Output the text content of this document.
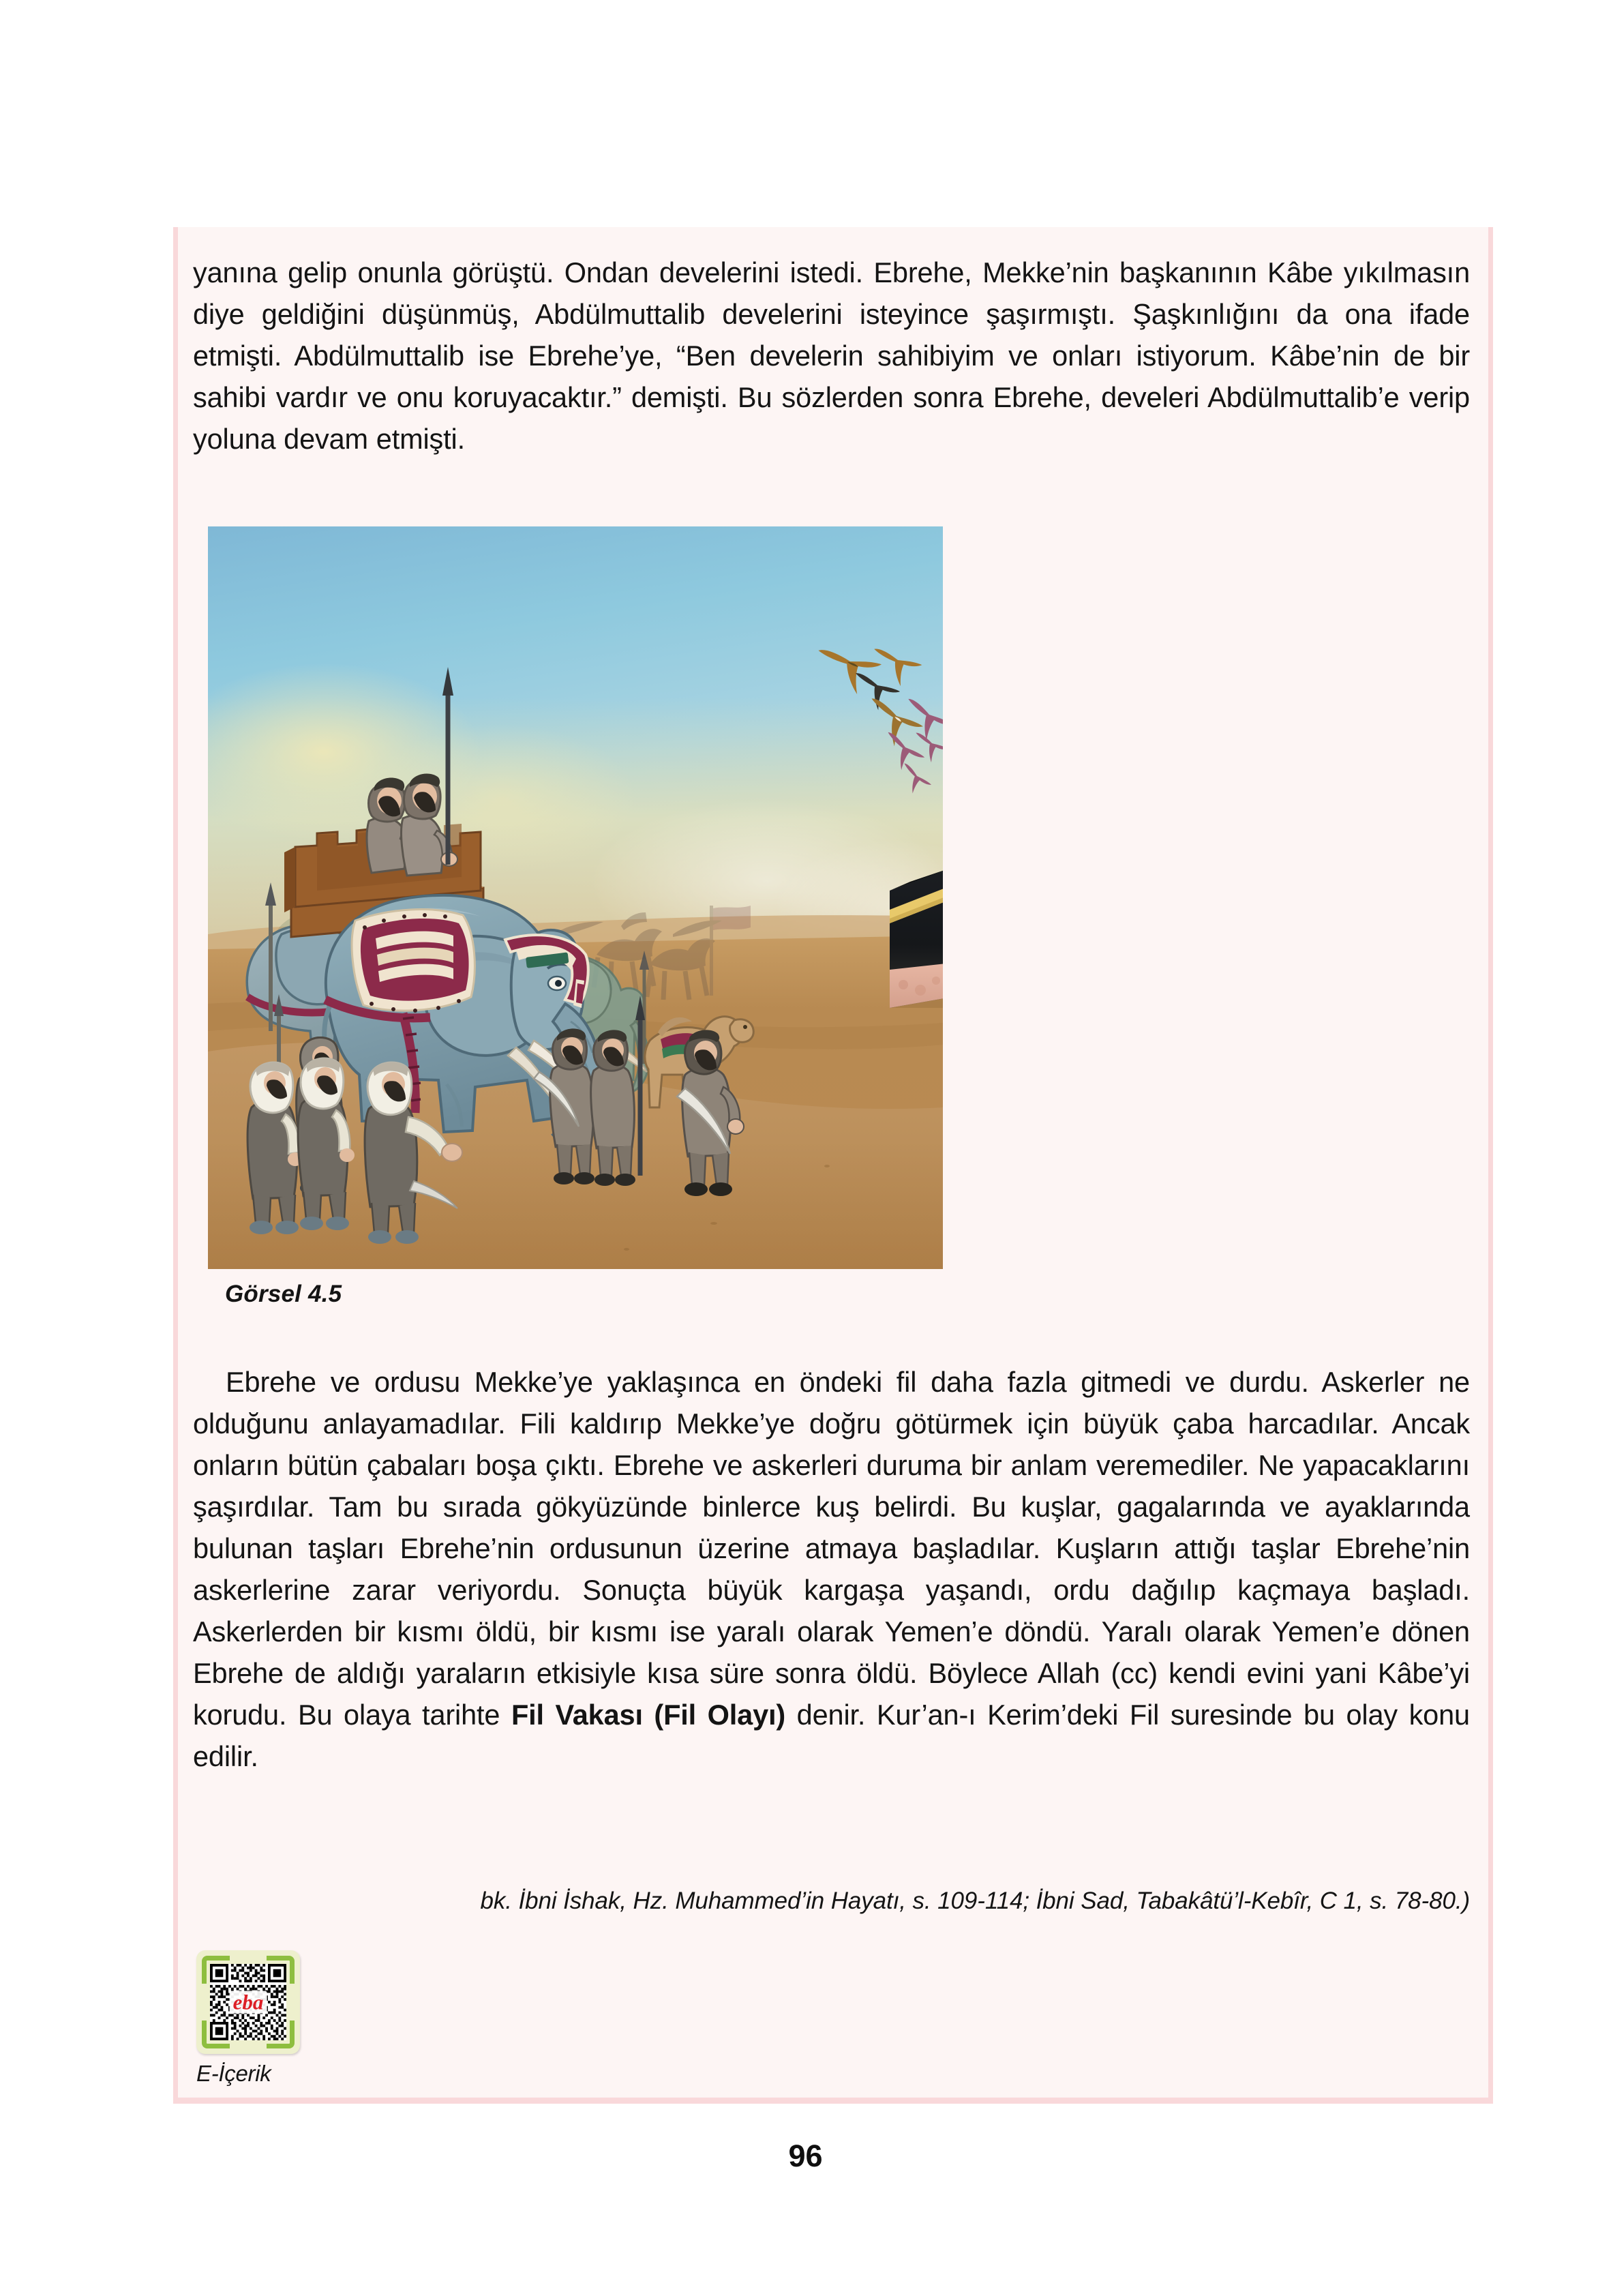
yanına gelip onunla görüştü. Ondan develerini istedi. Ebrehe, Mekke’nin başkanının Kâbe yıkılmasın diye geldiğini düşünmüş, Abdülmuttalib develerini isteyince şaşırmıştı. Şaşkınlığını da ona ifade etmişti. Abdülmuttalib ise Ebrehe’ye, “Ben develerin sahibiyim ve onları istiyorum. Kâbe’nin de bir sahibi vardır ve onu koruyacaktır.” demişti. Bu sözlerden sonra Ebrehe, develeri Abdülmuttalib’e verip yoluna devam etmişti.
Görsel 4.5
Ebrehe ve ordusu Mekke’ye yaklaşınca en öndeki fil daha fazla gitmedi ve durdu. Askerler ne olduğunu anlayamadılar. Fili kaldırıp Mekke’ye doğru götürmek için büyük çaba harcadılar. Ancak onların bütün çabaları boşa çıktı. Ebrehe ve askerleri duruma bir anlam veremediler. Ne yapacaklarını şaşırdılar. Tam bu sırada gökyüzünde binlerce kuş belirdi. Bu kuşlar, gagalarında ve ayaklarında bulunan taşları Ebrehe’nin ordusunun üzerine atmaya başladılar. Kuşların attığı taşlar Ebrehe’nin askerlerine zarar veriyordu. Sonuçta büyük kargaşa yaşandı, ordu dağılıp kaçmaya başladı. Askerlerden bir kısmı öldü, bir kısmı ise yaralı olarak Yemen’e döndü. Yaralı olarak Yemen’e dönen Ebrehe de aldığı yaraların etkisiyle kısa süre sonra öldü. Böylece Allah (cc) kendi evini yani Kâbe’yi korudu. Bu olaya tarihte Fil Vakası (Fil Olayı) denir. Kur’an-ı Kerim’deki Fil suresinde bu olay konu edilir.
bk. İbni İshak, Hz. Muhammed’in Hayatı, s. 109-114; İbni Sad, Tabakâtü’l-Kebîr, C 1, s. 78-80.)
eba
E-İçerik
96
